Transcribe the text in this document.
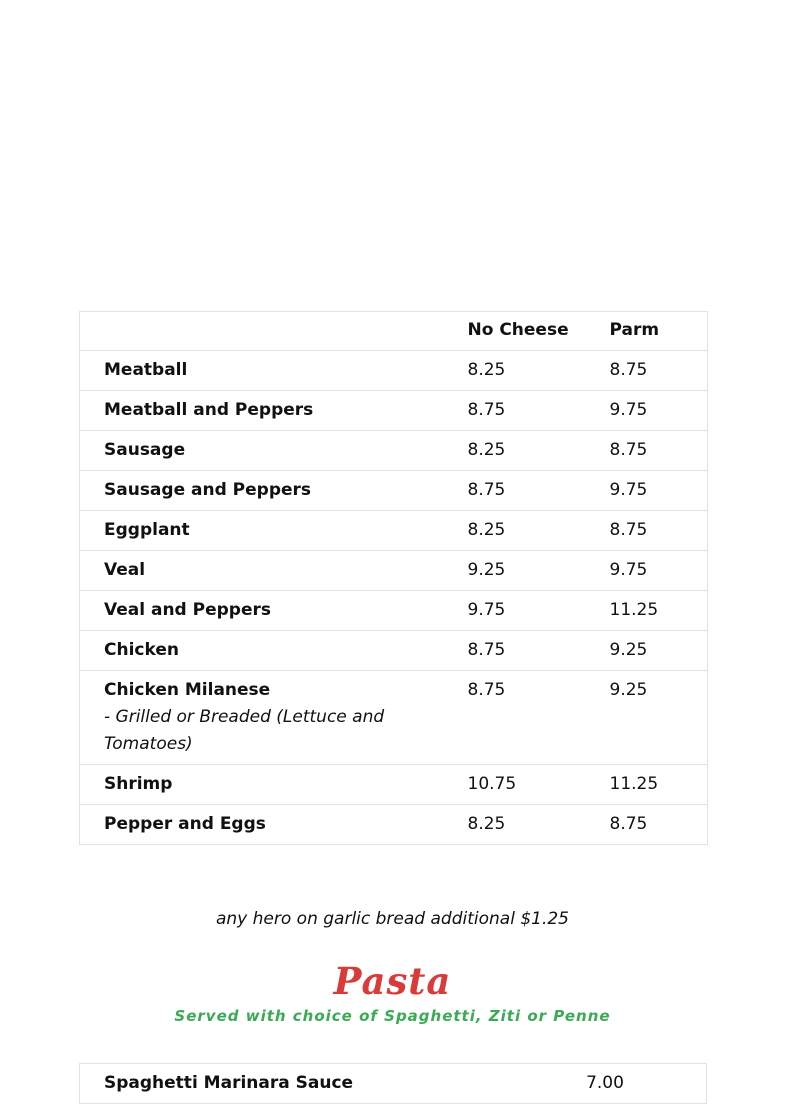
	No Cheese	Parm
Meatball	8.25	8.75
Meatball and Peppers	8.75	9.75
Sausage	8.25	8.75
Sausage and Peppers	8.75	9.75
Eggplant	8.25	8.75
Veal	9.25	9.75
Veal and Peppers	9.75	11.25
Chicken	8.75	9.25
Chicken Milanese
- Grilled or Breaded (Lettuce and Tomatoes)	8.75	9.25
Shrimp	10.75	11.25
Pepper and Eggs	8.25	8.75
any hero on garlic bread additional $1.25
Pasta
Served with choice of Spaghetti, Ziti or Penne
Spaghetti Marinara Sauce	7.00
